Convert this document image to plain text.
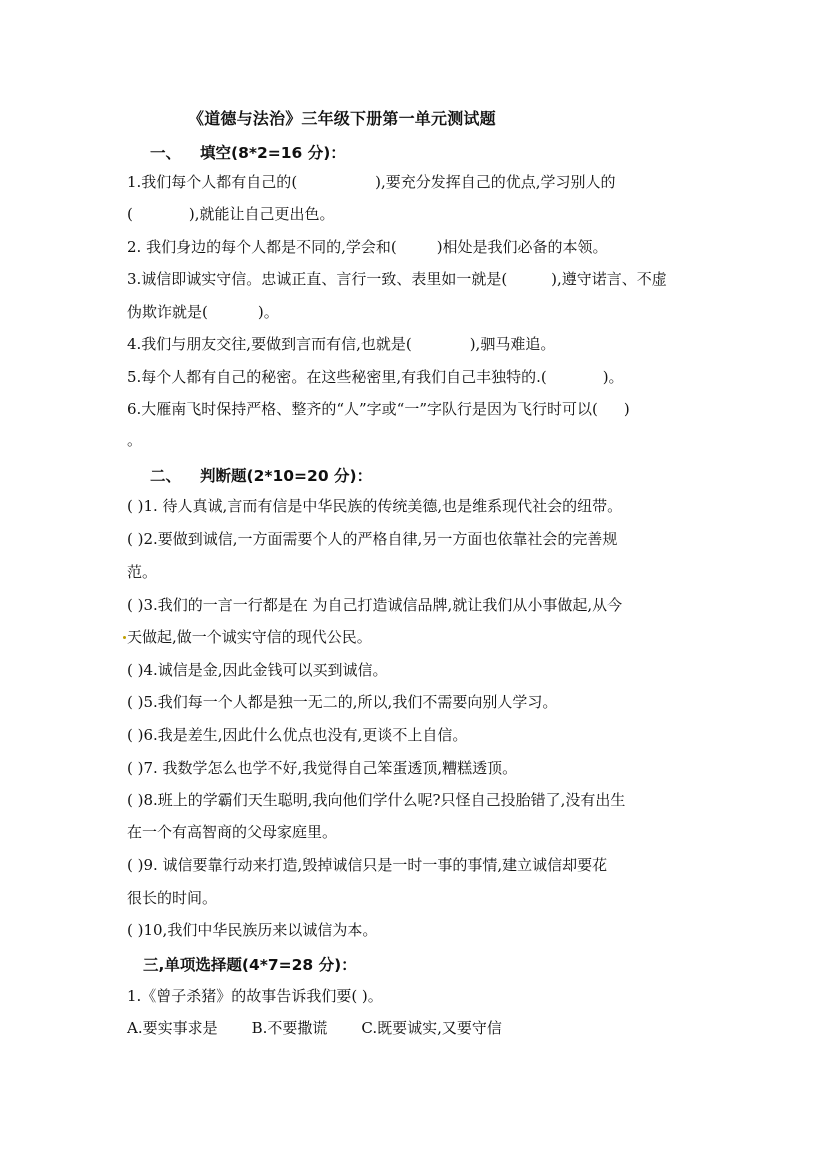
《道德与法治》三年级下册第一单元测试题
一、 填空(8*2=16 分)：
1.我们每个人都有自己的(	),要充分发挥自己的优点,学习别人的
(	),就能让自己更出色。
2. 我们身边的每个人都是不同的,学会和(	)相处是我们必备的本领。
3.诚信即诚实守信。忠诚正直、言行一致、表里如一就是(	),遵守诺言、不虚
伪欺诈就是(	)。
4.我们与朋友交往,要做到言而有信,也就是(	),驷马难追。
5.每个人都有自己的秘密。在这些秘密里,有我们自己丰独特的.(	)。
6.大雁南飞时保持严格、整齐的“人”字或“一”字队行是因为飞行时可以( )
。
二、 判断题(2*10=20 分)：
( )1. 待人真诚,言而有信是中华民族的传统美德,也是维系现代社会的纽带。
( )2.要做到诚信,一方面需要个人的严格自律,另一方面也依靠社会的完善规
范。
( )3.我们的一言一行都是在 为自己打造诚信品牌,就让我们从小事做起,从今
天做起,做一个诚实守信的现代公民。
( )4.诚信是金,因此金钱可以买到诚信。
( )5.我们每一个人都是独一无二的,所以,我们不需要向别人学习。
( )6.我是差生,因此什么优点也没有,更谈不上自信。
( )7. 我数学怎么也学不好,我觉得自己笨蛋透顶,糟糕透顶。
( )8.班上的学霸们天生聪明,我向他们学什么呢?只怪自己投胎错了,没有出生
在一个有高智商的父母家庭里。
( )9. 诚信要靠行动来打造,毁掉诚信只是一时一事的事情,建立诚信却要花
很长的时间。
( )10,我们中华民族历来以诚信为本。
三,单项选择题(4*7=28 分)：
1.《曾子杀猪》的故事告诉我们要( )。
A.要实事求是 B.不要撒谎 C.既要诚实,又要守信
